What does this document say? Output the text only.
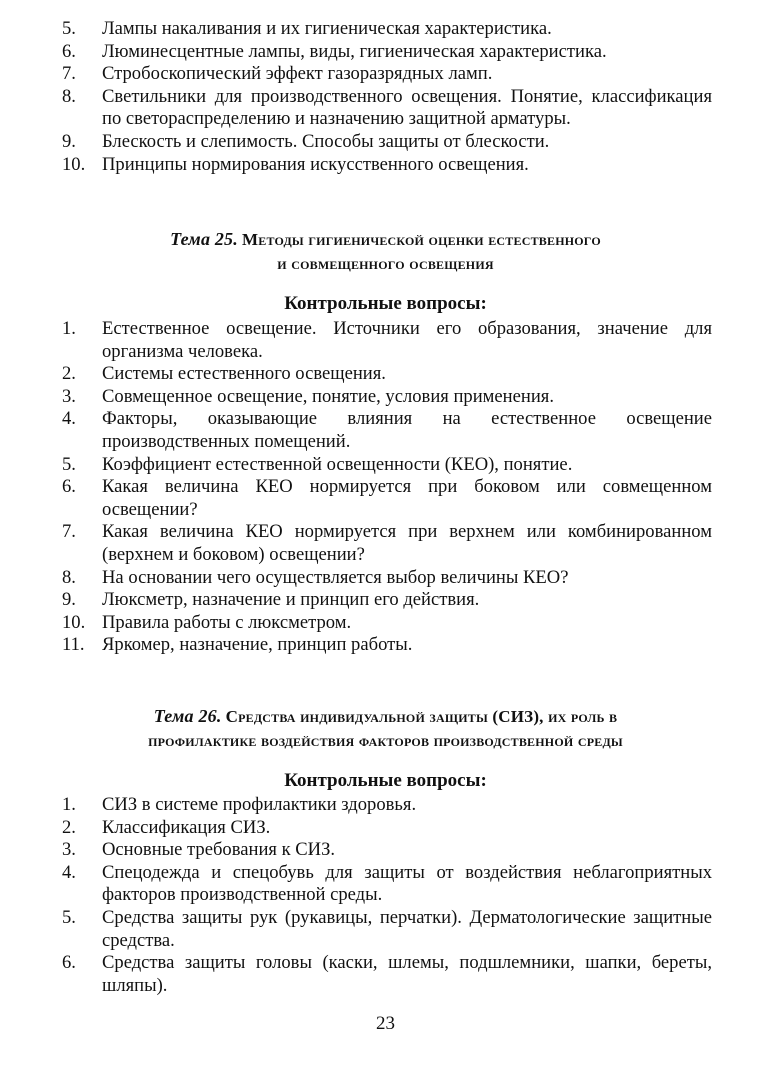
5.	Лампы накаливания и их гигиеническая характеристика.
6.	Люминесцентные лампы, виды, гигиеническая характеристика.
7.	Стробоскопический эффект газоразрядных ламп.
8.	Светильники для производственного освещения. Понятие, классификация по светораспределению и назначению защитной арматуры.
9.	Блескость и слепимость. Способы защиты от блескости.
10. Принципы нормирования искусственного освещения.
Тема 25. Методы гигиенической оценки естественного
и совмещенного освещения
Контрольные вопросы:
1.	Естественное освещение. Источники его образования, значение для организма человека.
2.	Системы естественного освещения.
3.	Совмещенное освещение, понятие, условия применения.
4.	Факторы, оказывающие влияния на естественное освещение производственных помещений.
5.	Коэффициент естественной освещенности (КЕО), понятие.
6.	Какая величина КЕО нормируется при боковом или совмещенном освещении?
7.	Какая величина КЕО нормируется при верхнем или комбинированном (верхнем и боковом) освещении?
8.	На основании чего осуществляется выбор величины КЕО?
9.	Люксметр, назначение и принцип его действия.
10. Правила работы с люксметром.
11. Яркомер, назначение, принцип работы.
Тема 26. Средства индивидуальной защиты (СИЗ), их роль в
профилактике воздействия факторов производственной среды
Контрольные вопросы:
1.	СИЗ в системе профилактики здоровья.
2.	Классификация СИЗ.
3.	Основные требования к СИЗ.
4.	Спецодежда и спецобувь для защиты от воздействия неблагоприятных факторов производственной среды.
5.	Средства защиты рук (рукавицы, перчатки). Дерматологические защитные средства.
6.	Средства защиты головы (каски, шлемы, подшлемники, шапки, береты, шляпы).
23
